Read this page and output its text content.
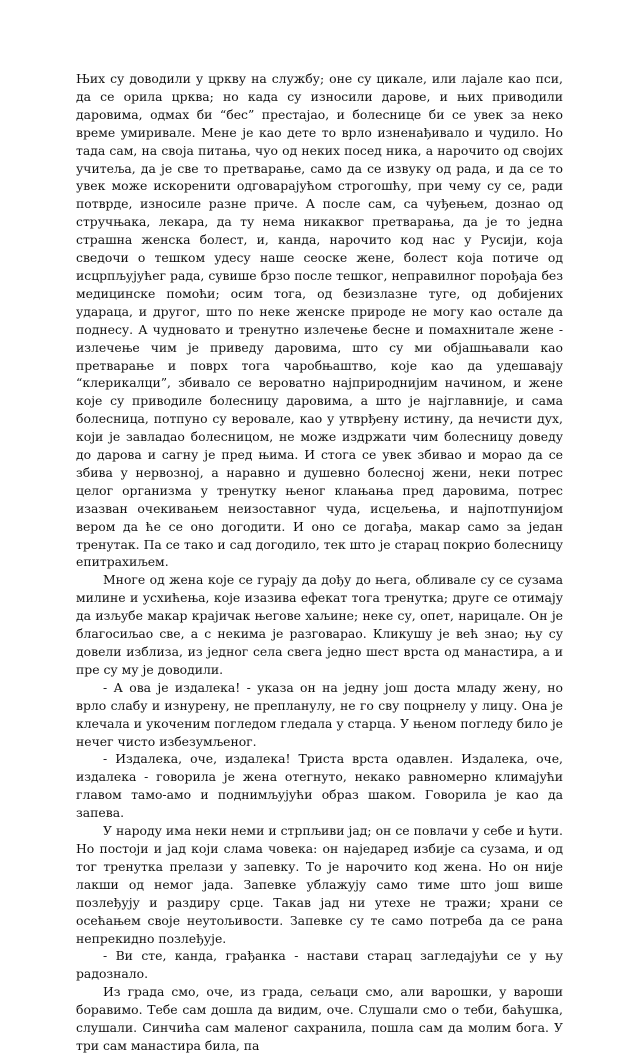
Њих су доводили у цркву на службу; оне су цикале, или лајале као пси, да се орила црква; но када су износили дарове, и њих приводили даровима, одмах би “бес” престајао, и болеснице би се увек за неко време умиривале. Мене је као дете то врло изненађивало и чудило. Но тада сам, на своја питања, чуо од неких посед ника, а нарочито од својих учитеља, да је све то претварање, само да се извуку од рада, и да се то увек може искоренити одговарајућом строгошћу, при чему су се, ради потврде, износиле разне приче. А после сам, са чуђењем, дознао од стручњака, лекара, да ту нема никаквог претварања, да је то једна страшна женска болест, и, канда, нарочито код нас у Русији, која сведочи о тешком удесу наше сеоске жене, болест која потиче од исцрпљујућег рада, сувише брзо после тешког, неправилног порођаја без медицинске помоћи; осим тога, од безизлазне туге, од добијених удараца, и другог, што по неке женске природе не могу као остале да поднесу. А чудновато и тренутно излечење бесне и помахнитале жене - излечење чим је приведу даровима, што су ми објашњавали као претварање и поврх тога чаробњаштво, које као да удешавају “клерикалци”, збивало се вероватно најприроднијим начином, и жене које су приводиле болесницу даровима, а што је најглавније, и сама болесница, потпуно су веровале, као у утврђену истину, да нечисти дух, који је завладао болесницом, не може издржати чим болесницу доведу до дарова и сагну је пред њима. И стога се увек збивао и морао да се збива у нервозној, а наравно и душевно болесној жени, неки потрес целог организма у тренутку њеног клањања пред даровима, потрес изазван очекивањем неизоставног чуда, исцељења, и најпотпунијом вером да ће се оно догодити. И оно се догађа, макар само за један тренутак. Па се тако и сад догодило, тек што је старац покрио болесницу епитрахиљем.

Многе од жена које се гурају да дођу до њега, обливале су се сузама милине и усхићења, које изазива ефекат тога тренутка; друге се отимају да изљубе макар крајичак његове хаљине; неке су, опет, нарицале. Он је благосиљао све, а с некима је разговарао. Кликушу је већ знао; њу су довели изблиза, из једног села свега једно шест врста од манастира, а и пре су му је доводили.

- А ова је издалека! - указа он на једну још доста младу жену, но врло слабу и изнурену, не препланулу, не го сву поцрнелу у лицу. Она је клечала и укоченим погледом гледала у старца. У њеном погледу било је нечег чисто избезумљеног.

- Издалека, оче, издалека! Триста врста одавлен. Издалека, оче, издалека - говорила је жена отегнуто, некако равномерно климајући главом тамо-амо и поднимљујући образ шаком. Говорила је као да запева.

У народу има неки неми и стрпљиви јад; он се повлачи у себе и ћути. Но постоји и јад који слама човека: он наједаред избије са сузама, и од тог тренутка прелази у запевку. То је нарочито код жена. Но он није лакши од немог јада. Запевке ублажују само тиме што још више позлеђују и раздиру срце. Такав јад ни утехе не тражи; храни се осећањем своје неутољивости. Запевке су те само потреба да се рана непрекидно позлеђује.

- Ви сте, канда, грађанка - настави старац загледајући се у њу радознало.

Из града смо, оче, из града, сељаци смо, али варошки, у вароши боравимо. Тебе сам дошла да видим, оче. Слушали смо о теби, баћушка, слушали. Синчића сам маленог сахранила, пошла сам да молим бога. У три сам манастира била, па
